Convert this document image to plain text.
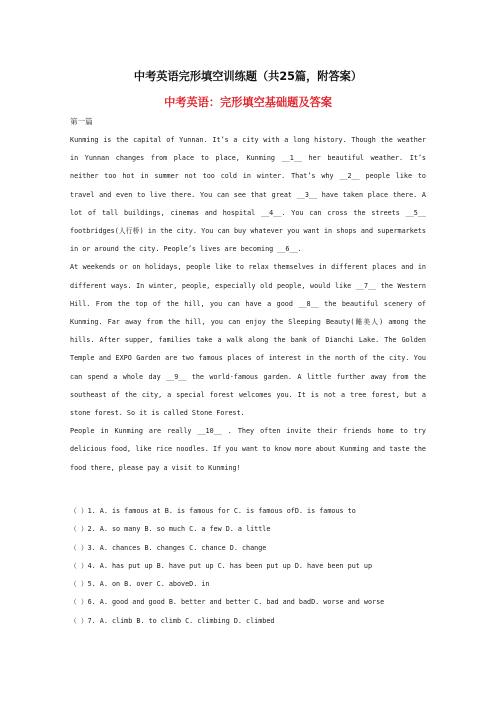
中考英语完形填空训练题（共25篇，附答案）
中考英语：完形填空基础题及答案
第一篇

Kunming is the capital of Yunnan. It’s a city with a long history. Though the weather in Yunnan changes from place to place, Kunming __1__ her beautiful weather. It’s neither too hot in summer not too cold in winter. That’s why __2__ people like to travel and even to live there. You can see that great __3__ have taken place there. A lot of tall buildings, cinemas and hospital __4__. You can cross the streets __5__ footbridges(人行桥) in the city. You can buy whatever you want in shops and supermarkets in or around the city. People’s lives are becoming __6__.

At weekends or on holidays, people like to relax themselves in different places and in different ways. In winter, people, especially old people, would like __7__ the Western Hill. From the top of the hill, you can have a good __8__ the beautiful scenery of Kunming. Far away from the hill, you can enjoy the Sleeping Beauty(睡美人) among the hills. After supper, families take a walk along the bank of Dianchi Lake. The Golden Temple and EXPO Garden are two famous places of interest in the north of the city. You can spend a whole day __9__ the world-famous garden. A little further away from the southeast of the city, a special forest welcomes you. It is not a tree forest, but a stone forest. So it is called Stone Forest.

People in Kunming are really __10__ . They often invite their friends home to try delicious food, like rice noodles. If you want to know more about Kunming and taste the food there, please pay a visit to Kunming!

（ ）1. A. is famous at B. is famous for C. is famous ofD. is famous to

（ ）2. A. so many B. so much C. a few D. a little

（ ）3. A. chances B. changes C. chance D. change

（ ）4. A. has put up B. have put up C. has been put up D. have been put up

（ ）5. A. on B. over C. aboveD. in

（ ）6. A. good and good B. better and better C. bad and badD. worse and worse

（ ）7. A. climb B. to climb C. climbing D. climbed
